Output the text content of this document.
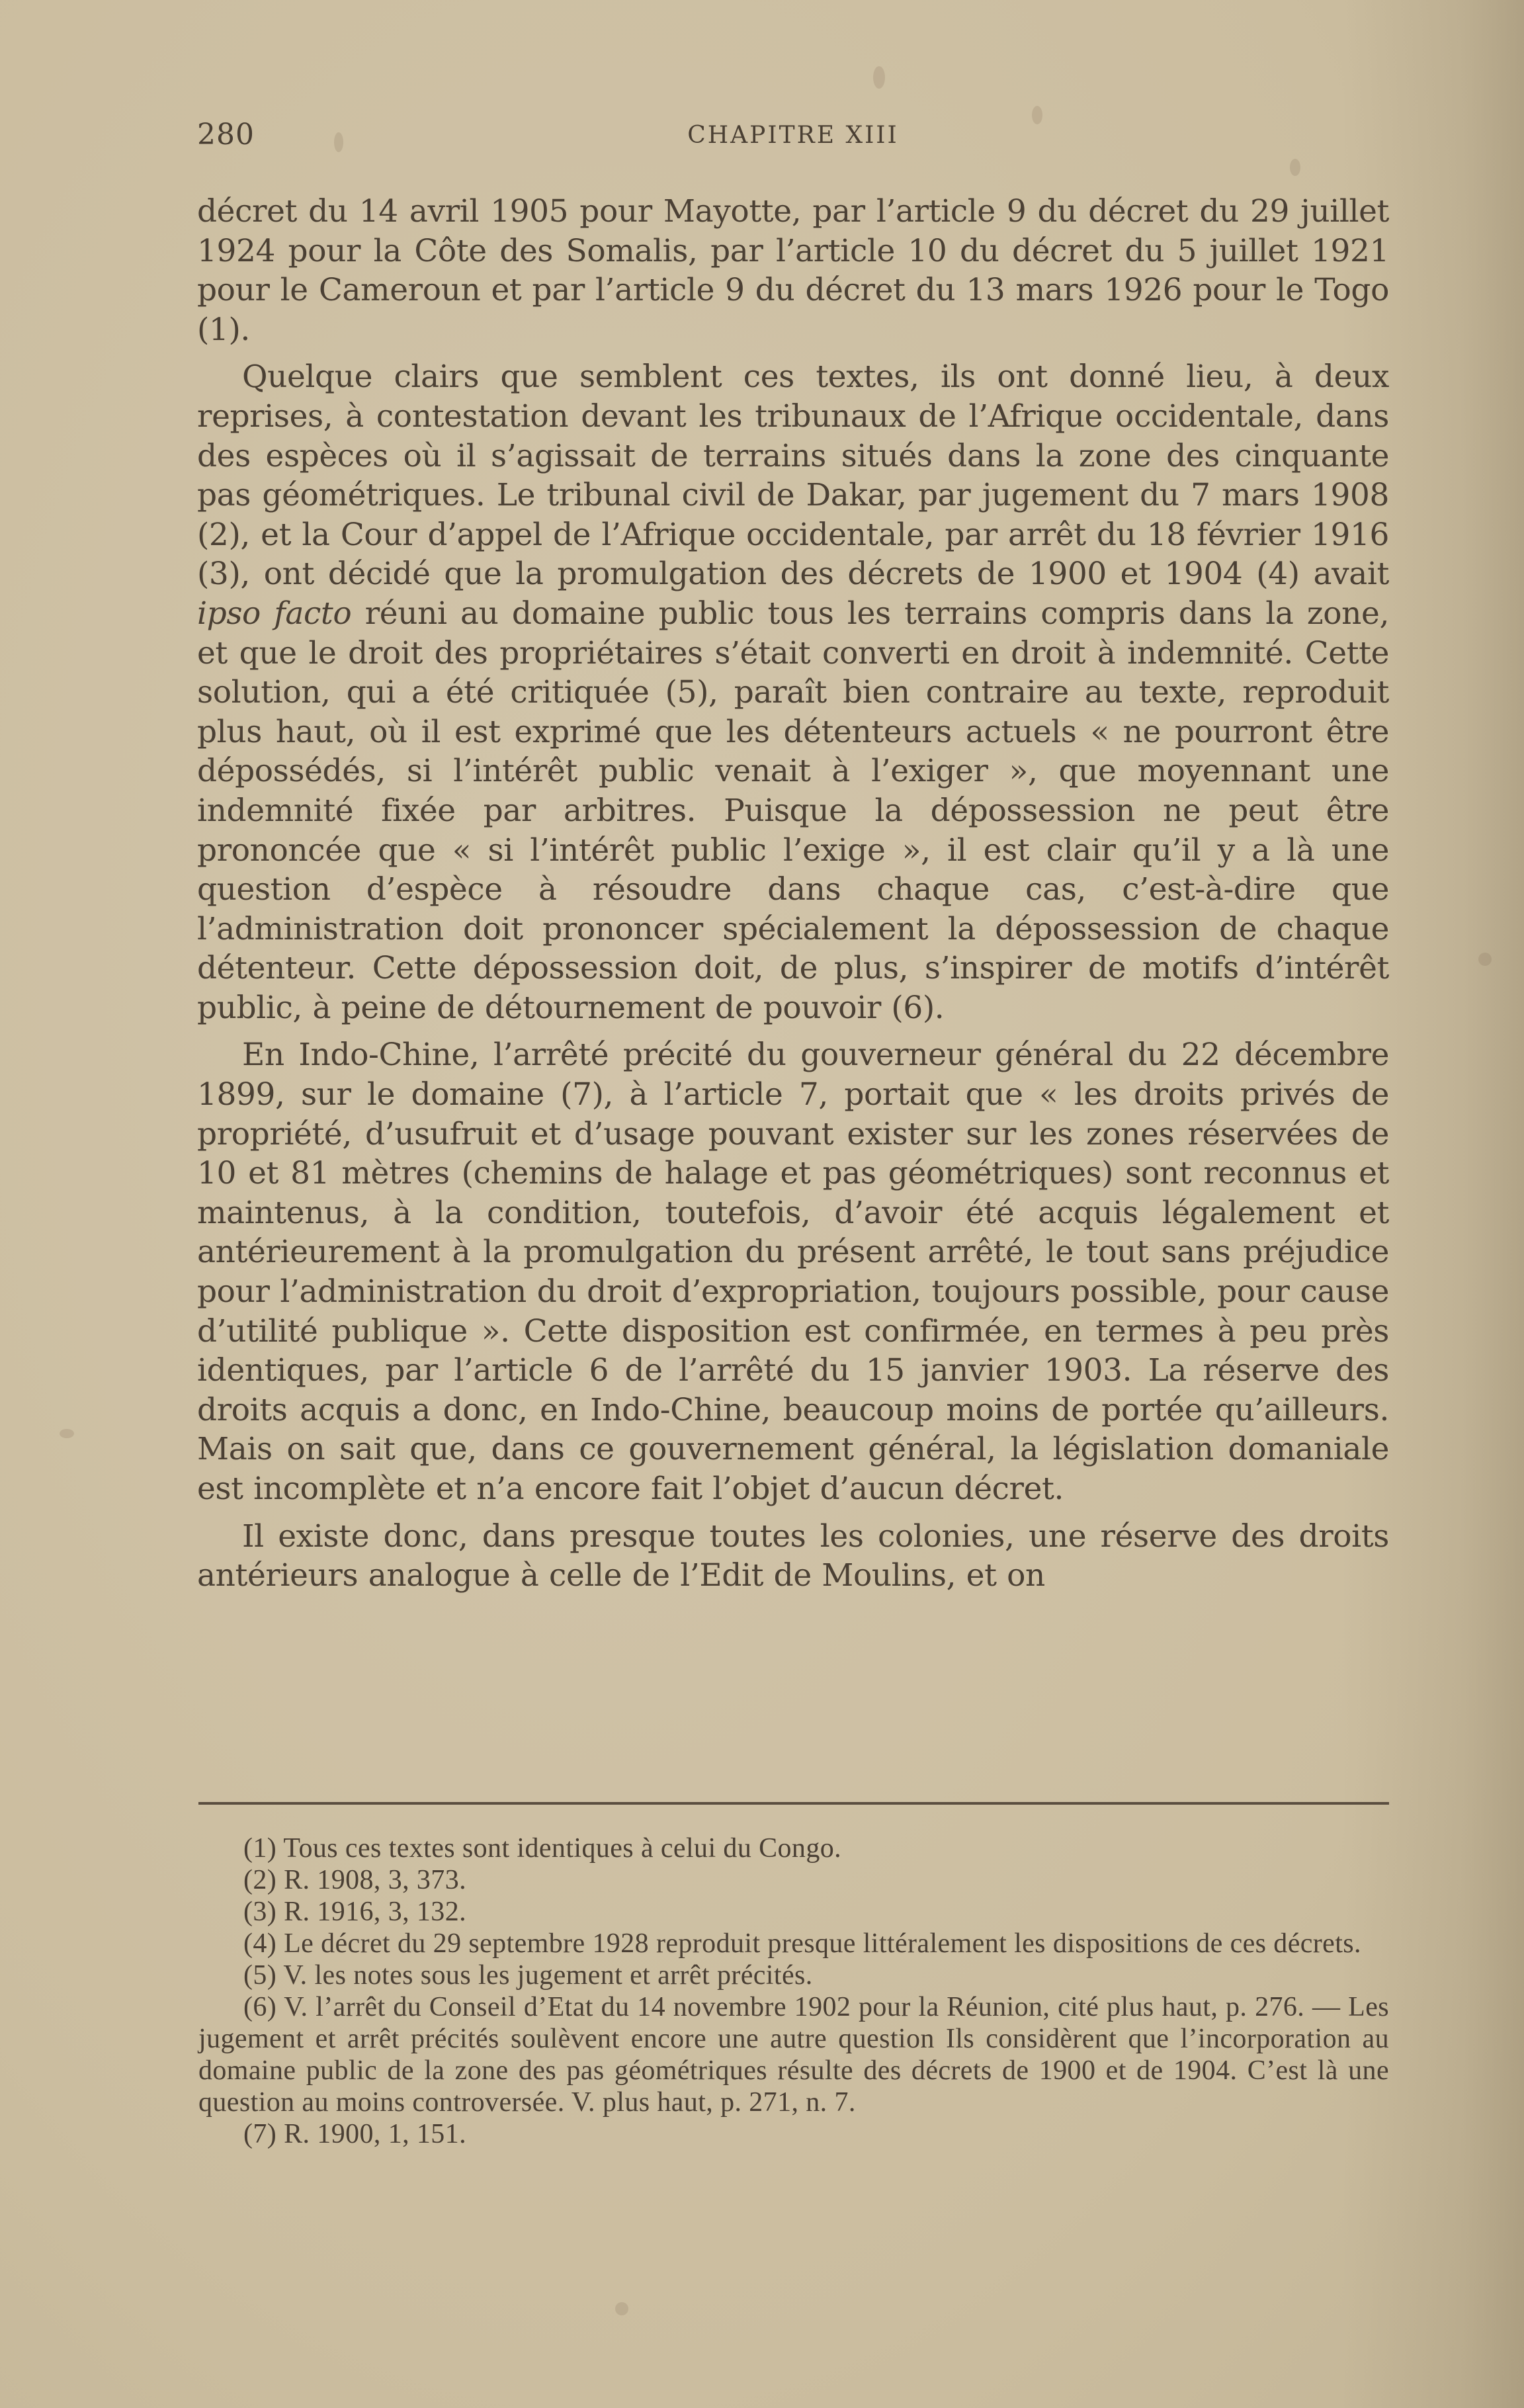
280	CHAPITRE XIII

décret du 14 avril 1905 pour Mayotte, par l’article 9 du décret du 29 juillet 1924 pour la Côte des Somalis, par l’article 10 du décret du 5 juillet 1921 pour le Cameroun et par l’article 9 du décret du 13 mars 1926 pour le Togo (1).

Quelque clairs que semblent ces textes, ils ont donné lieu, à deux reprises, à contestation devant les tribunaux de l’Afrique occidentale, dans des espèces où il s’agissait de terrains situés dans la zone des cinquante pas géométriques. Le tribunal civil de Dakar, par jugement du 7 mars 1908 (2), et la Cour d’appel de l’Afrique occidentale, par arrêt du 18 février 1916 (3), ont décidé que la promulgation des décrets de 1900 et 1904 (4) avait ipso facto réuni au domaine public tous les terrains compris dans la zone, et que le droit des propriétaires s’était converti en droit à indemnité. Cette solution, qui a été critiquée (5), paraît bien contraire au texte, reproduit plus haut, où il est exprimé que les détenteurs actuels « ne pourront être dépossédés, si l’intérêt public venait à l’exiger », que moyennant une indemnité fixée par arbitres. Puisque la dépossession ne peut être prononcée que « si l’intérêt public l’exige », il est clair qu’il y a là une question d’espèce à résoudre dans chaque cas, c’est-à-dire que l’administration doit prononcer spécialement la dépossession de chaque détenteur. Cette dépossession doit, de plus, s’inspirer de motifs d’intérêt public, à peine de détournement de pouvoir (6).

En Indo-Chine, l’arrêté précité du gouverneur général du 22 décembre 1899, sur le domaine (7), à l’article 7, portait que « les droits privés de propriété, d’usufruit et d’usage pouvant exister sur les zones réservées de 10 et 81 mètres (chemins de halage et pas géométriques) sont reconnus et maintenus, à la condition, toutefois, d’avoir été acquis légalement et antérieurement à la promulgation du présent arrêté, le tout sans préjudice pour l’administration du droit d’expropriation, toujours possible, pour cause d’utilité publique ». Cette disposition est confirmée, en termes à peu près identiques, par l’article 6 de l’arrêté du 15 janvier 1903. La réserve des droits acquis a donc, en Indo-Chine, beaucoup moins de portée qu’ailleurs. Mais on sait que, dans ce gouvernement général, la législation domaniale est incomplète et n’a encore fait l’objet d’aucun décret.

Il existe donc, dans presque toutes les colonies, une réserve des droits antérieurs analogue à celle de l’Edit de Moulins, et on

(1) Tous ces textes sont identiques à celui du Congo.

(2) R. 1908, 3, 373.

(3) R. 1916, 3, 132.

(4) Le décret du 29 septembre 1928 reproduit presque littéralement les dispositions de ces décrets.

(5) V. les notes sous les jugement et arrêt précités.

(6) V. l’arrêt du Conseil d’Etat du 14 novembre 1902 pour la Réunion, cité plus haut, p. 276. — Les jugement et arrêt précités soulèvent encore une autre question Ils considèrent que l’incorporation au domaine public de la zone des pas géométriques résulte des décrets de 1900 et de 1904. C’est là une question au moins controversée. V. plus haut, p. 271, n. 7.

(7) R. 1900, 1, 151.
